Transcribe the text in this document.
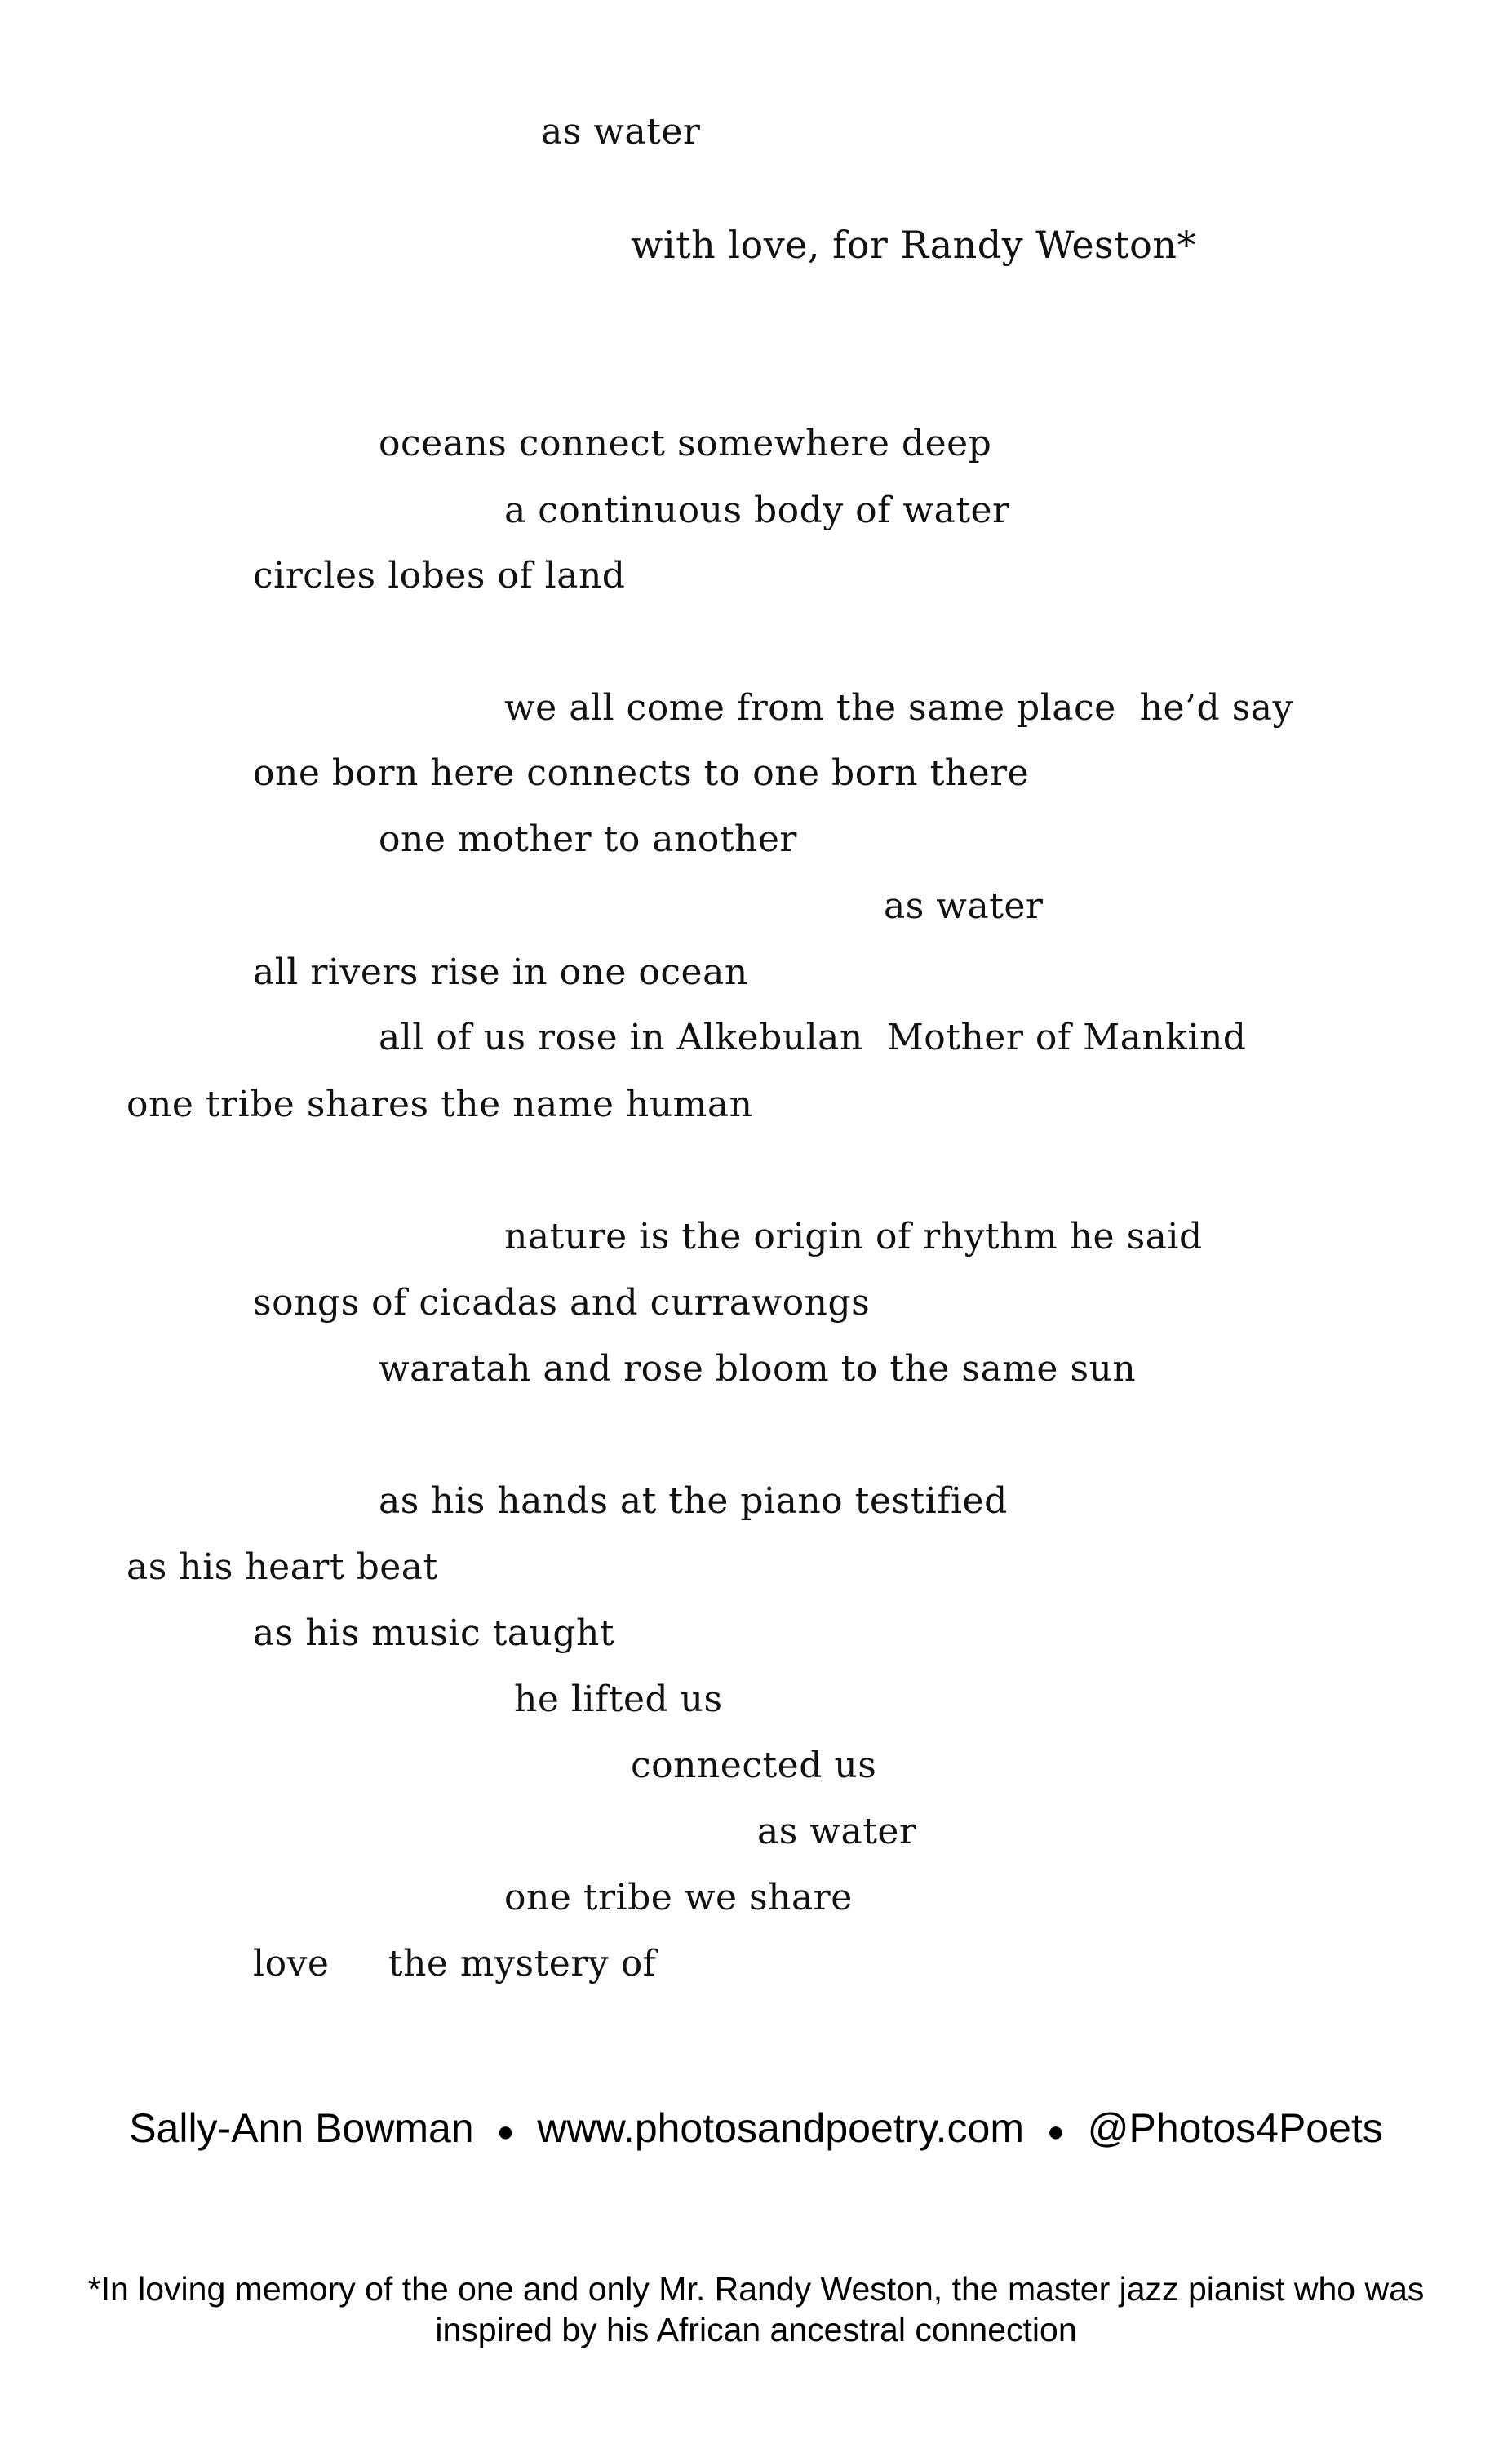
as water
with love, for Randy Weston*
oceans connect somewhere deep
a continuous body of water
circles lobes of land
we all come from the same place  he’d say
one born here connects to one born there
one mother to another
as water
all rivers rise in one ocean
all of us rose in Alkebulan  Mother of Mankind
one tribe shares the name human
nature is the origin of rhythm he said
songs of cicadas and currawongs
waratah and rose bloom to the same sun
as his hands at the piano testified
as his heart beat
as his music taught
he lifted us
connected us
as water
one tribe we share
love     the mystery of
Sally-Ann Bowman ● www.photosandpoetry.com ● @Photos4Poets
*In loving memory of the one and only Mr. Randy Weston, the master jazz pianist who was
inspired by his African ancestral connection
